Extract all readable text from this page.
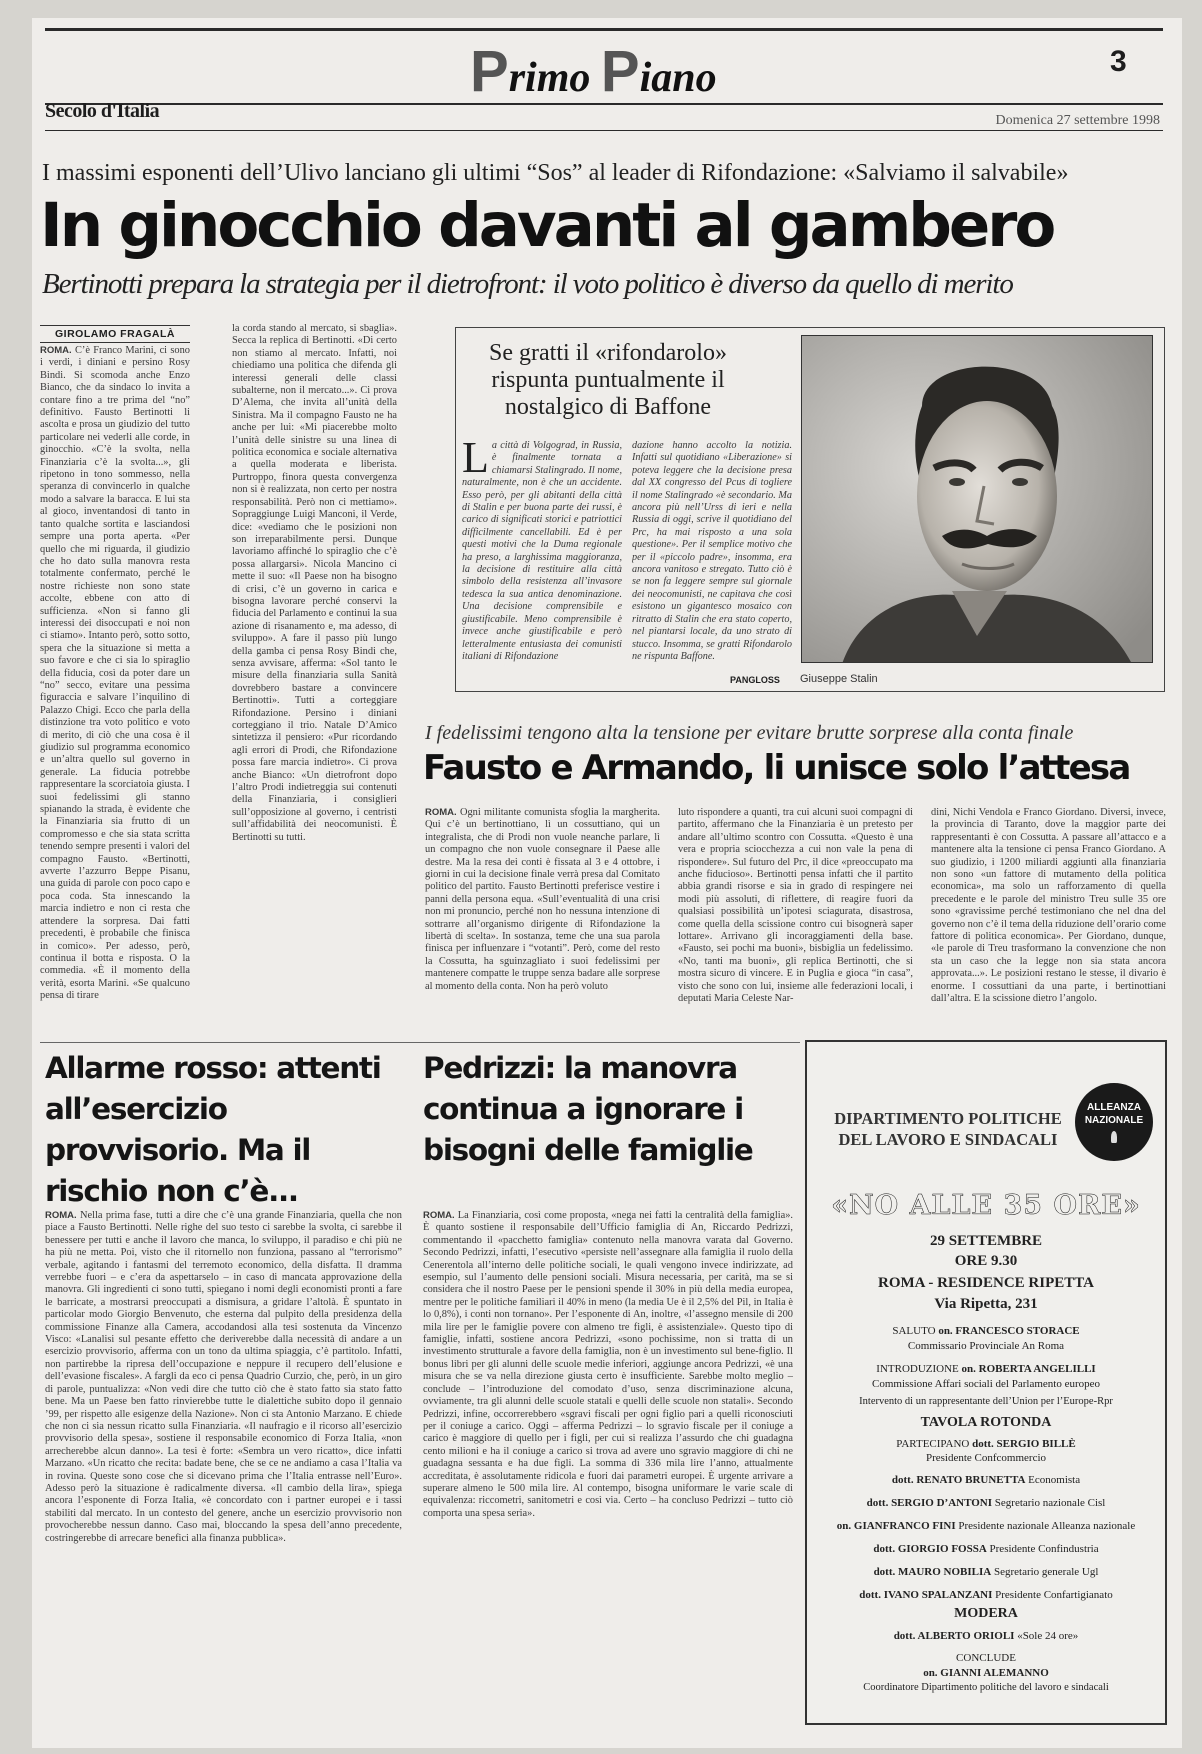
Secolo d'Italia
Primo Piano	3
Domenica 27 settembre 1998
I massimi esponenti dell’Ulivo lanciano gli ultimi “Sos” al leader di Rifondazione: «Salviamo il salvabile»
In ginocchio davanti al gambero
Bertinotti prepara la strategia per il dietrofront: il voto politico è diverso da quello di merito
GIROLAMO FRAGALÀ
ROMA. C’è Franco Marini, ci sono i verdi, i diniani e persino Rosy Bindi. Si scomoda anche Enzo Bianco, che da sindaco lo invita a contare fino a tre prima del “no” definitivo. Fausto Bertinotti li ascolta e prosa un giudizio del tutto particolare nei vederli alle corde, in ginocchio. «C’è la svolta, nella Finanziaria c’è la svolta...», gli ripetono in tono sommesso, nella speranza di convincerlo in qualche modo a salvare la baracca. E lui sta al gioco, inventandosi di tanto in tanto qualche sortita e lasciandosi sempre una porta aperta. «Per quello che mi riguarda, il giudizio che ho dato sulla manovra resta totalmente confermato, perché le nostre richieste non sono state accolte, ebbene con atto di sufficienza. «Non si fanno gli interessi dei disoccupati e noi non ci stiamo». Intanto però, sotto sotto, spera che la situazione si metta a suo favore e che ci sia lo spiraglio della fiducia, così da poter dare un “no” secco, evitare una pessima figuraccia e salvare l’inquilino di Palazzo Chigi. Ecco che parla della distinzione tra voto politico e voto di merito, di ciò che una cosa è il giudizio sul programma economico e un’altra quello sul governo in generale. La fiducia potrebbe rappresentare la scorciatoia giusta. I suoi fedelissimi gli stanno spianando la strada, è evidente che la Finanziaria sia frutto di un compromesso e che sia stata scritta tenendo sempre presenti i valori del compagno Fausto. «Bertinotti, avverte l’azzurro Beppe Pisanu, una guida di parole con poco capo e poca coda. Sta innescando la marcia indietro e non ci resta che attendere la sorpresa. Dai fatti precedenti, è probabile che finisca in comico». Per adesso, però, continua il botta e risposta. O la commedia. «È il momento della verità, esorta Marini. «Se qualcuno pensa di tirare
la corda stando al mercato, si sbaglia». Secca la replica di Bertinotti. «Di certo non stiamo al mercato. Infatti, noi chiediamo una politica che difenda gli interessi generali delle classi subalterne, non il mercato...». Ci prova D’Alema, che invita all’unità della Sinistra. Ma il compagno Fausto ne ha anche per lui: «Mi piacerebbe molto l’unità delle sinistre su una linea di politica economica e sociale alternativa a quella moderata e liberista. Purtroppo, finora questa convergenza non si è realizzata, non certo per nostra responsabilità. Però non ci mettiamo». Sopraggiunge Luigi Manconi, il Verde, dice: «vediamo che le posizioni non son irreparabilmente persi. Dunque lavoriamo affinché lo spiraglio che c’è possa allargarsi». Nicola Mancino ci mette il suo: «Il Paese non ha bisogno di crisi, c’è un governo in carica e bisogna lavorare perché conservi la fiducia del Parlamento e continui la sua azione di risanamento e, ma adesso, di sviluppo». A fare il passo più lungo della gamba ci pensa Rosy Bindi che, senza avvisare, afferma: «Sol tanto le misure della finanziaria sulla Sanità dovrebbero bastare a convincere Bertinotti». Tutti a corteggiare Rifondazione. Persino i diniani corteggiano il trio. Natale D’Amico sintetizza il pensiero: «Pur ricordando agli errori di Prodi, che Rifondazione possa fare marcia indietro». Ci prova anche Bianco: «Un dietrofront dopo l’altro Prodi indietreggia sui contenuti della Finanziaria, i consiglieri sull’opposizione al governo, i centristi sull’affidabilità dei neocomunisti. È Bertinotti su tutti.
Se gratti il «rifondarolo» rispunta puntualmente il nostalgico di Baffone
L a città di Volgograd, in Russia, è finalmente tornata a chiamarsi Stalingrado. Il nome, naturalmente, non è che un accidente. Esso però, per gli abitanti della città di Stalin e per buona parte dei russi, è carico di significati storici e patriottici difficilmente cancellabili. Ed è per questi motivi che la Duma regionale ha preso, a larghissima maggioranza, la decisione di restituire alla città simbolo della resistenza all’invasore tedesca la sua antica denominazione. Una decisione comprensibile e giustificabile. Meno comprensibile è invece anche giustificabile e però letteralmente entusiasta dei comunisti italiani di Rifondazione
dazione hanno accolto la notizia. Infatti sul quotidiano «Liberazione» si poteva leggere che la decisione presa dal XX congresso del Pcus di togliere il nome Stalingrado «è secondario. Ma ancora più nell’Urss di ieri e nella Russia di oggi, scrive il quotidiano del Prc, ha mai risposto a una sola questione». Per il semplice motivo che per il «piccolo padre», insomma, era ancora vanitoso e stregato. Tutto ciò è se non fa leggere sempre sul giornale dei neocomunisti, ne capitava che così esistono un gigantesco mosaico con ritratto di Stalin che era stato coperto, nel piantarsi locale, da uno strato di stucco. Insomma, se gratti Rifondarolo ne rispunta Baffone.
PANGLOSS Giuseppe Stalin
I fedelissimi tengono alta la tensione per evitare brutte sorprese alla conta finale
Fausto e Armando, li unisce solo l’attesa
ROMA. Ogni militante comunista sfoglia la margherita. Qui c’è un bertinottiano, lì un cossuttiano, qui un integralista, che di Prodi non vuole neanche parlare, lì un compagno che non vuole consegnare il Paese alle destre. Ma la resa dei conti è fissata al 3 e 4 ottobre, i giorni in cui la decisione finale verrà presa dal Comitato politico del partito. Fausto Bertinotti preferisce vestire i panni della persona equa. «Sull’eventualità di una crisi non mi pronuncio, perché non ho nessuna intenzione di sottrarre all’organismo dirigente di Rifondazione la libertà di scelta». In sostanza, teme che una sua parola finisca per influenzare i “votanti”. Però, come del resto la Cossutta, ha sguinzagliato i suoi fedelissimi per mantenere compatte le truppe senza badare alle sorprese al momento della conta. Non ha però voluto
luto rispondere a quanti, tra cui alcuni suoi compagni di partito, affermano che la Finanziaria è un pretesto per andare all’ultimo scontro con Cossutta. «Questo è una vera e propria sciocchezza a cui non vale la pena di rispondere». Sul futuro del Prc, il dice «preoccupato ma anche fiducioso». Bertinotti pensa infatti che il partito abbia grandi risorse e sia in grado di respingere nei modi più assoluti, di riflettere, di reagire fuori da qualsiasi possibilità un’ipotesi sciagurata, disastrosa, come quella della scissione contro cui bisognerà saper lottare». Arrivano gli incoraggiamenti della base. «Fausto, sei pochi ma buoni», bisbiglia un fedelissimo. «No, tanti ma buoni», gli replica Bertinotti, che si mostra sicuro di vincere. E in Puglia e gioca “in casa”, visto che sono con lui, insieme alle federazioni locali, i deputati Maria Celeste Nar-
dini, Nichi Vendola e Franco Giordano. Diversi, invece, la provincia di Taranto, dove la maggior parte dei rappresentanti è con Cossutta. A passare all’attacco e a mantenere alta la tensione ci pensa Franco Giordano. A suo giudizio, i 1200 miliardi aggiunti alla finanziaria non sono «un fattore di mutamento della politica economica», ma solo un rafforzamento di quella precedente e le parole del ministro Treu sulle 35 ore sono «gravissime perché testimoniano che nel dna del governo non c’è il tema della riduzione dell’orario come fattore di politica economica». Per Giordano, dunque, «le parole di Treu trasformano la convenzione che non sta un caso che la legge non sia stata ancora approvata...». Le posizioni restano le stesse, il divario è enorme. I cossuttiani da una parte, i bertinottiani dall’altra. E la scissione dietro l’angolo.
Allarme rosso: attenti all’esercizio provvisorio. Ma il rischio non c’è...
ROMA. Nella prima fase, tutti a dire che c’è una grande Finanziaria, quella che non piace a Fausto Bertinotti. Nelle righe del suo testo ci sarebbe la svolta, ci sarebbe il benessere per tutti e anche il lavoro che manca, lo sviluppo, il paradiso e chi più ne ha più ne metta. Poi, visto che il ritornello non funziona, passano al “terrorismo” verbale, agitando i fantasmi del terremoto economico, della disfatta. Il dramma verrebbe fuori – e c’era da aspettarselo – in caso di mancata approvazione della manovra. Gli ingredienti ci sono tutti, spiegano i nomi degli economisti pronti a fare le barricate, a mostrarsi preoccupati a dismisura, a gridare l’altolà. È spuntato in particolar modo Giorgio Benvenuto, che esterna dal pulpito della presidenza della commissione Finanze alla Camera, accodandosi alla tesi sostenuta da Vincenzo Visco: «Lanalisi sul pesante effetto che deriverebbe dalla necessità di andare a un esercizio provvisorio, afferma con un tono da ultima spiaggia, c’è partitolo. Infatti, non partirebbe la ripresa dell’occupazione e neppure il recupero dell’elusione e dell’evasione fiscales». A fargli da eco ci pensa Quadrio Curzio, che, però, in un giro di parole, puntualizza: «Non vedi dire che tutto ciò che è stato fatto sia stato fatto bene. Ma un Paese ben fatto rinvierebbe tutte le dialettiche subito dopo il gennaio ’99, per rispetto alle esigenze della Nazione». Non ci sta Antonio Marzano. E chiede che non ci sia nessun ricatto sulla Finanziaria. «Il naufragio e il ricorso all’esercizio provvisorio della spesa», sostiene il responsabile economico di Forza Italia, «non arrecherebbe alcun danno». La tesi è forte: «Sembra un vero ricatto», dice infatti Marzano. «Un ricatto che recita: badate bene, che se ce ne andiamo a casa l’Italia va in rovina. Queste sono cose che si dicevano prima che l’Italia entrasse nell’Euro». Adesso però la situazione è radicalmente diversa. «Il cambio della lira», spiega ancora l’esponente di Forza Italia, «è concordato con i partner europei e i tassi stabiliti dal mercato. In un contesto del genere, anche un esercizio provvisorio non provocherebbe nessun danno. Caso mai, bloccando la spesa dell’anno precedente, costringerebbe di arrecare benefici alla finanza pubblica».
Pedrizzi: la manovra continua a ignorare i bisogni delle famiglie
ROMA. La Finanziaria, così come proposta, «nega nei fatti la centralità della famiglia». È quanto sostiene il responsabile dell’Ufficio famiglia di An, Riccardo Pedrizzi, commentando il «pacchetto famiglia» contenuto nella manovra varata dal Governo. Secondo Pedrizzi, infatti, l’esecutivo «persiste nell’assegnare alla famiglia il ruolo della Cenerentola all’interno delle politiche sociali, le quali vengono invece indirizzate, ad esempio, sul l’aumento delle pensioni sociali. Misura necessaria, per carità, ma se si considera che il nostro Paese per le pensioni spende il 30% in più della media europea, mentre per le politiche familiari il 40% in meno (la media Ue è il 2,5% del Pil, in Italia è lo 0,8%), i conti non tornano». Per l’esponente di An, inoltre, «l’assegno mensile di 200 mila lire per le famiglie povere con almeno tre figli, è assistenziale». Questo tipo di famiglie, infatti, sostiene ancora Pedrizzi, «sono pochissime, non si tratta di un investimento strutturale a favore della famiglia, non è un investimento sul bene-figlio. Il bonus libri per gli alunni delle scuole medie inferiori, aggiunge ancora Pedrizzi, «è una misura che se va nella direzione giusta certo è insufficiente. Sarebbe molto meglio – conclude – l’introduzione del comodato d’uso, senza discriminazione alcuna, ovviamente, tra gli alunni delle scuole statali e quelli delle scuole non statali». Secondo Pedrizzi, infine, occorrerebbero «sgravi fiscali per ogni figlio pari a quelli riconosciuti per il coniuge a carico. Oggi – afferma Pedrizzi – lo sgravio fiscale per il coniuge a carico è maggiore di quello per i figli, per cui si realizza l’assurdo che chi guadagna cento milioni e ha il coniuge a carico si trova ad avere uno sgravio maggiore di chi ne guadagna sessanta e ha due figli. La somma di 336 mila lire l’anno, attualmente accreditata, è assolutamente ridicola e fuori dai parametri europei. È urgente arrivare a superare almeno le 500 mila lire. Al contempo, bisogna uniformare le varie scale di equivalenza: riccometri, sanitometri e così via. Certo – ha concluso Pedrizzi – tutto ciò comporta una spesa seria».
DIPARTIMENTO POLITICHE
DEL LAVORO E SINDACALI
ALLEANZA
NAZIONALE
«NO ALLE 35 ORE»
29 SETTEMBRE
ORE 9.30
ROMA - RESIDENCE RIPETTA
Via Ripetta, 231
SALUTO on. FRANCESCO STORACE
Commissario Provinciale An Roma
INTRODUZIONE on. ROBERTA ANGELILLI
Commissione Affari sociali del Parlamento europeo
Intervento di un rappresentante dell’Union per l’Europe-Rpr
TAVOLA ROTONDA
PARTECIPANO dott. SERGIO BILLÈ
Presidente Confcommercio
dott. RENATO BRUNETTA Economista
dott. SERGIO D’ANTONI Segretario nazionale Cisl
on. GIANFRANCO FINI Presidente nazionale Alleanza nazionale
dott. GIORGIO FOSSA Presidente Confindustria
dott. MAURO NOBILIA Segretario generale Ugl
dott. IVANO SPALANZANI Presidente Confartigianato
MODERA
dott. ALBERTO ORIOLI «Sole 24 ore»
CONCLUDE
on. GIANNI ALEMANNO
Coordinatore Dipartimento politiche del lavoro e sindacali
